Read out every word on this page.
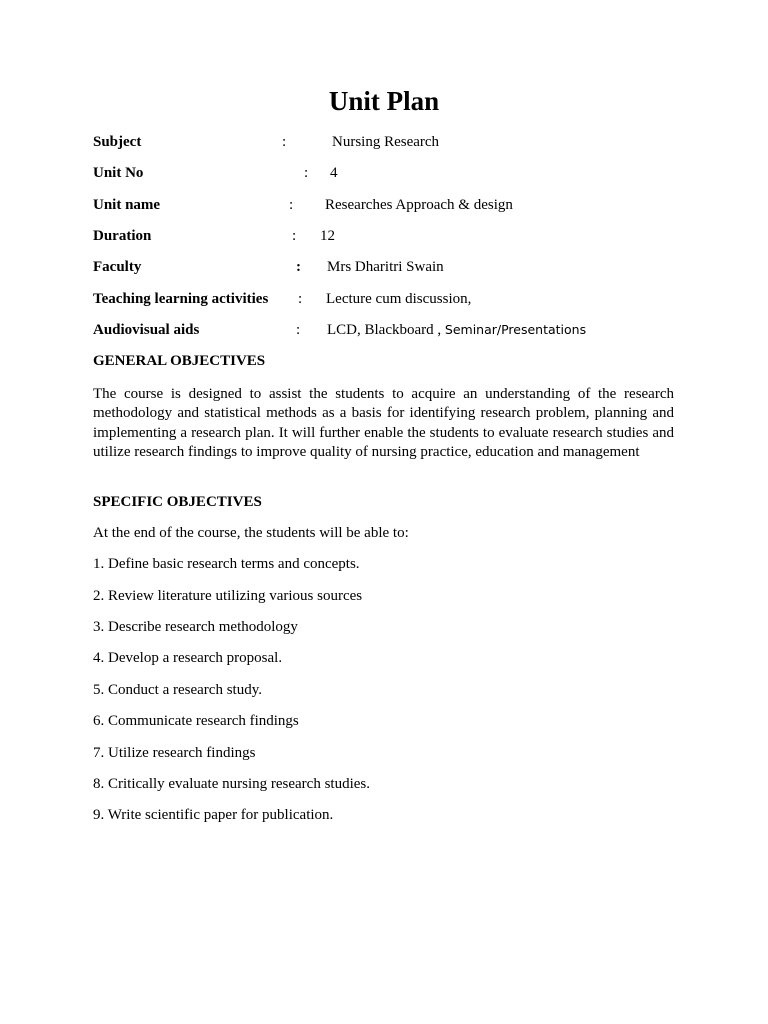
Unit Plan
Subject	:	Nursing Research
Unit No	: 4
Unit name	: Researches Approach & design
Duration	: 12
Faculty	: Mrs Dharitri Swain
Teaching learning activities : Lecture cum discussion,
Audiovisual aids	: LCD, Blackboard , Seminar/Presentations
GENERAL OBJECTIVES
The course is designed to assist the students to acquire an understanding of the research methodology and statistical methods as a basis for identifying research problem, planning and implementing a research plan. It will further enable the students to evaluate research studies and utilize research findings to improve quality of nursing practice, education and management
SPECIFIC OBJECTIVES
At the end of the course, the students will be able to:
1. Define basic research terms and concepts.
2. Review literature utilizing various sources
3. Describe research methodology
4. Develop a research proposal.
5. Conduct a research study.
6. Communicate research findings
7. Utilize research findings
8. Critically evaluate nursing research studies.
9. Write scientific paper for publication.
